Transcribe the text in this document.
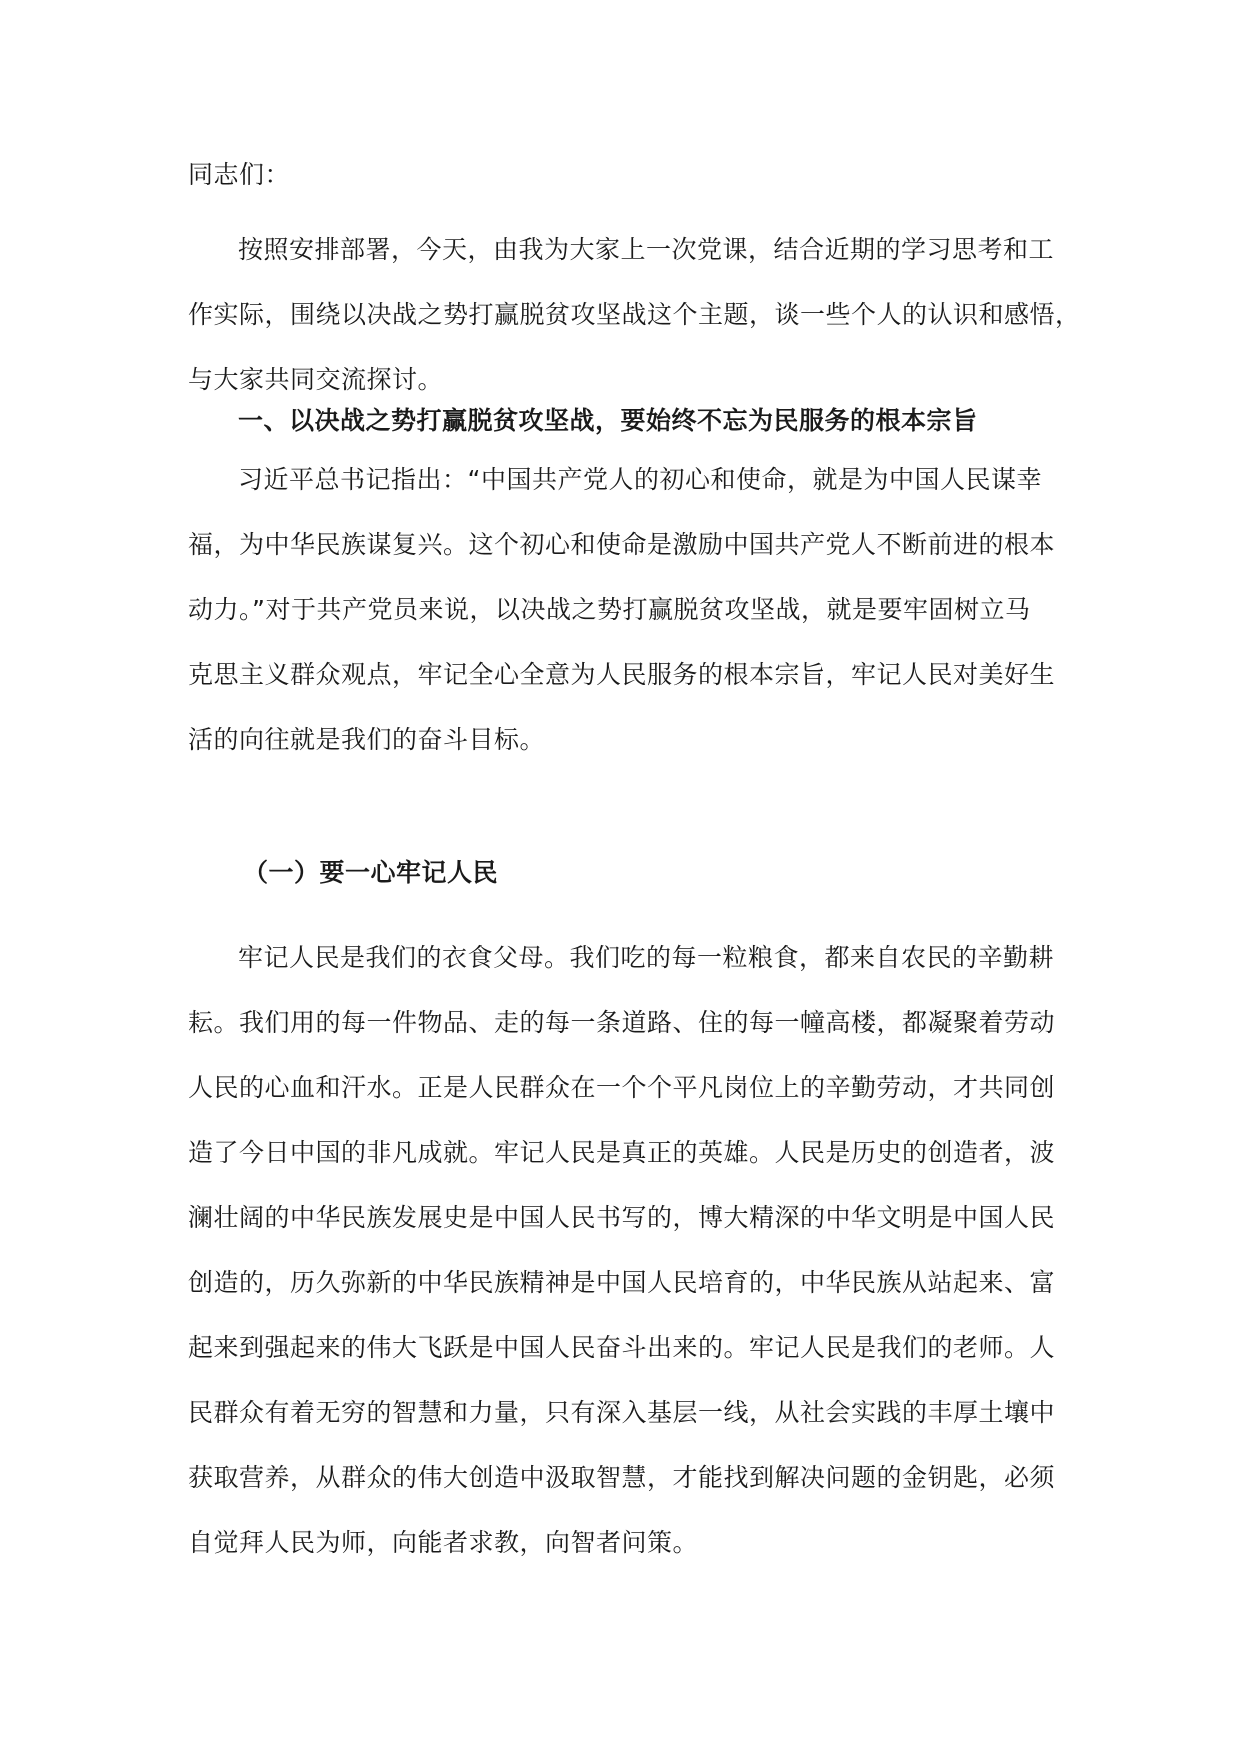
同志们：
按照安排部署，今天，由我为大家上一次党课，结合近期的学习思考和工
作实际，围绕以决战之势打赢脱贫攻坚战这个主题，谈一些个人的认识和感悟，
与大家共同交流探讨。
一、以决战之势打赢脱贫攻坚战，要始终不忘为民服务的根本宗旨
习近平总书记指出：“中国共产党人的初心和使命，就是为中国人民谋幸
福，为中华民族谋复兴。这个初心和使命是激励中国共产党人不断前进的根本
动力。”对于共产党员来说，以决战之势打赢脱贫攻坚战，就是要牢固树立马
克思主义群众观点，牢记全心全意为人民服务的根本宗旨，牢记人民对美好生
活的向往就是我们的奋斗目标。
（一）要一心牢记人民
牢记人民是我们的衣食父母。我们吃的每一粒粮食，都来自农民的辛勤耕
耘。我们用的每一件物品、走的每一条道路、住的每一幢高楼，都凝聚着劳动
人民的心血和汗水。正是人民群众在一个个平凡岗位上的辛勤劳动，才共同创
造了今日中国的非凡成就。牢记人民是真正的英雄。人民是历史的创造者，波
澜壮阔的中华民族发展史是中国人民书写的，博大精深的中华文明是中国人民
创造的，历久弥新的中华民族精神是中国人民培育的，中华民族从站起来、富
起来到强起来的伟大飞跃是中国人民奋斗出来的。牢记人民是我们的老师。人
民群众有着无穷的智慧和力量，只有深入基层一线，从社会实践的丰厚土壤中
获取营养，从群众的伟大创造中汲取智慧，才能找到解决问题的金钥匙，必须
自觉拜人民为师，向能者求教，向智者问策。
